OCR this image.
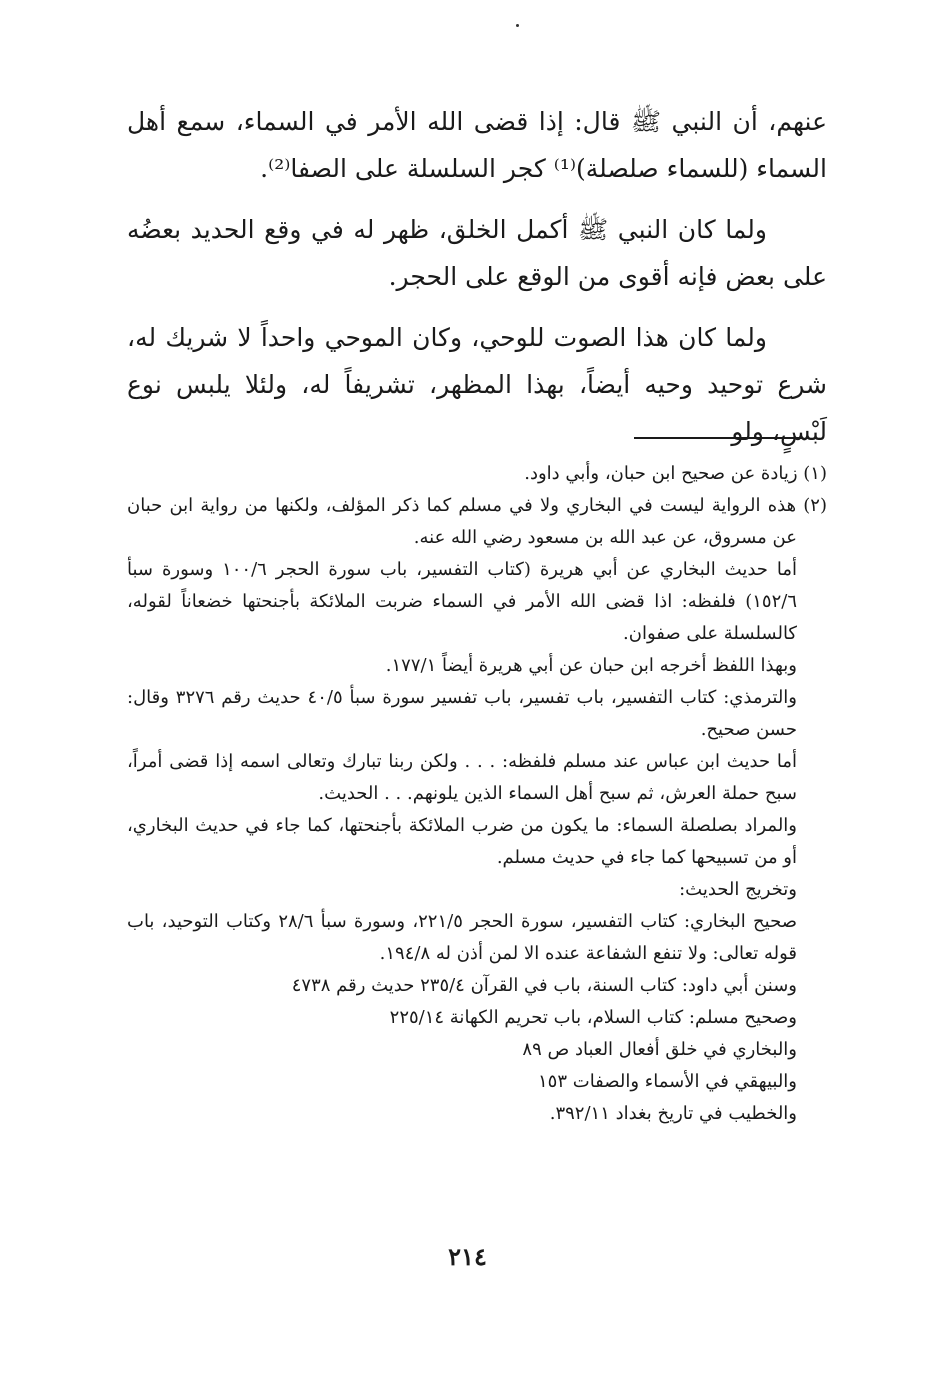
عنهم، أن النبي ﷺ قال: إذا قضى الله الأمر في السماء، سمع أهل السماء (للسماء صلصلة)⁽¹⁾ كجر السلسلة على الصفا⁽²⁾.

ولما كان النبي ﷺ أكمل الخلق، ظهر له في وقع الحديد بعضُه على بعض فإنه أقوى من الوقع على الحجر.

ولما كان هذا الصوت للوحي، وكان الموحي واحداً لا شريك له، شرع توحيد وحيه أيضاً، بهذا المظهر، تشريفاً له، ولئلا يلبس نوع لَبْسٍ، ولو

(١) زيادة عن صحيح ابن حبان، وأبي داود.

(٢) هذه الرواية ليست في البخاري ولا في مسلم كما ذكر المؤلف، ولكنها من رواية ابن حبان عن مسروق، عن عبد الله بن مسعود رضي الله عنه.

أما حديث البخاري عن أبي هريرة (كتاب التفسير، باب سورة الحجر ١٠٠/٦ وسورة سبأ ١٥٢/٦) فلفظه: اذا قضى الله الأمر في السماء ضربت الملائكة بأجنحتها خضعاناً لقوله، كالسلسلة على صفوان.

وبهذا اللفظ أخرجه ابن حبان عن أبي هريرة أيضاً ١٧٧/١.

والترمذي: كتاب التفسير، باب تفسير، باب تفسير سورة سبأ ٤٠/٥ حديث رقم ٣٢٧٦ وقال: حسن صحيح.

أما حديث ابن عباس عند مسلم فلفظه: . . . ولكن ربنا تبارك وتعالى اسمه إذا قضى أمراً، سبح حملة العرش، ثم سبح أهل السماء الذين يلونهم. . . الحديث.

والمراد بصلصلة السماء: ما يكون من ضرب الملائكة بأجنحتها، كما جاء في حديث البخاري، أو من تسبيحها كما جاء في حديث مسلم.

وتخريج الحديث:

صحيح البخاري: كتاب التفسير، سورة الحجر ٢٢١/٥، وسورة سبأ ٢٨/٦ وكتاب التوحيد، باب قوله تعالى: ولا تنفع الشفاعة عنده الا لمن أذن له ١٩٤/٨.

وسنن أبي داود: كتاب السنة، باب في القرآن ٢٣٥/٤ حديث رقم ٤٧٣٨

وصحيح مسلم: كتاب السلام، باب تحريم الكهانة ٢٢٥/١٤

والبخاري في خلق أفعال العباد ص ٨٩

والبيهقي في الأسماء والصفات ١٥٣

والخطيب في تاريخ بغداد ٣٩٢/١١.

٢١٤
